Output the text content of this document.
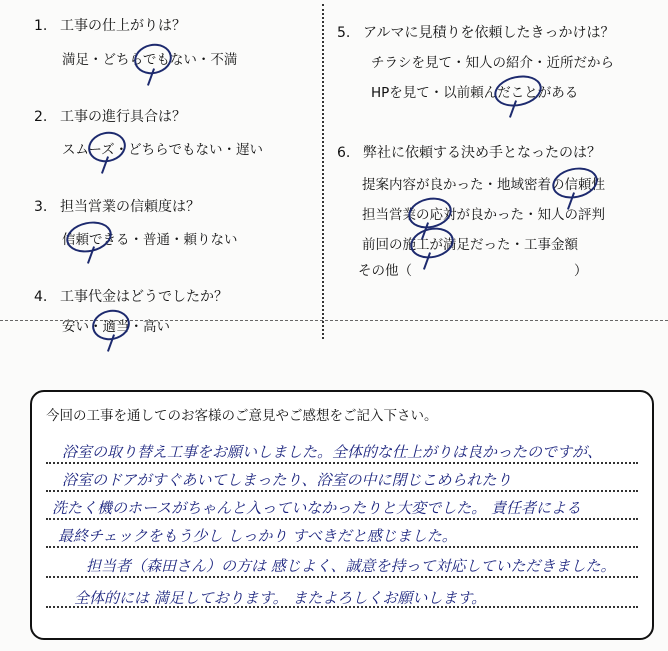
1. 工事の仕上がりは？
満足・どちらでもない・不満
2. 工事の進行具合は？
スムーズ・どちらでもない・遅い
3. 担当営業の信頼度は？
信頼できる・普通・頼りない
4. 工事代金はどうでしたか？
安い・適当・高い
5. アルマに見積りを依頼したきっかけは？
チラシを見て・知人の紹介・近所だから
HPを見て・以前頼んだことがある
6. 弊社に依頼する決め手となったのは？
提案内容が良かった・地域密着の信頼性
担当営業の応対が良かった・知人の評判
前回の施工が満足だった・工事金額
その他（　　　　　　　　　　　　）
今回の工事を通してのお客様のご意見やご感想をご記入下さい。
浴室の取り替え工事をお願いしました。全体的な仕上がりは良かったのですが、
浴室のドアがすぐあいてしまったり、浴室の中に閉じこめられたり
洗たく機のホースがちゃんと入っていなかったりと大変でした。 責任者による
最終チェックをもう少し しっかり すべきだと感じました。
担当者（森田さん）の方は 感じよく、誠意を持って対応していただきました。
全体的には 満足しております。 またよろしくお願いします。
